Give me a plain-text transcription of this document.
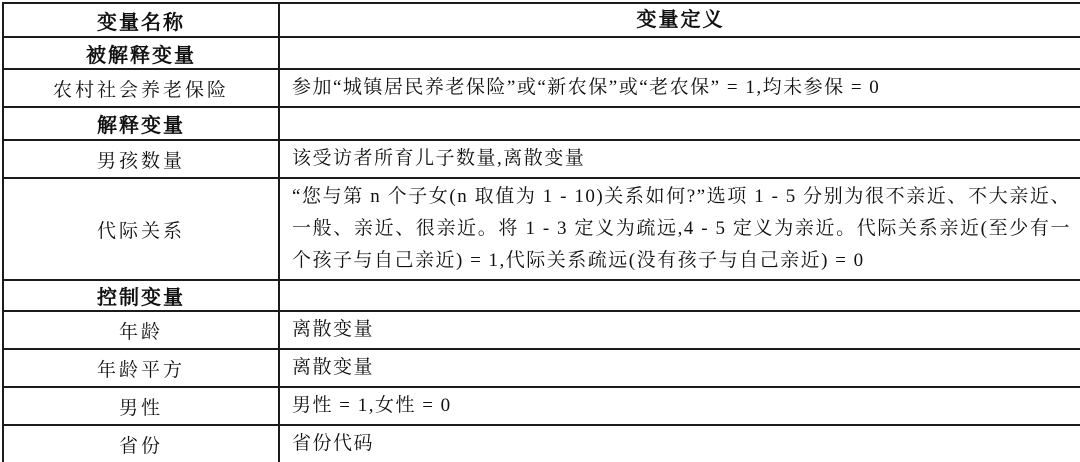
变量名称	变量定义
被解释变量	
农村社会养老保险	参加“城镇居民养老保险”或“新农保”或“老农保” = 1,均未参保 = 0
解释变量	
男孩数量	该受访者所育儿子数量,离散变量
代际关系	“您与第 n 个子女(n 取值为 1 - 10)关系如何?”选项 1 - 5 分别为很不亲近、不大亲近、一般、亲近、很亲近。将 1 - 3 定义为疏远,4 - 5 定义为亲近。代际关系亲近(至少有一个孩子与自己亲近) = 1,代际关系疏远(没有孩子与自己亲近) = 0
控制变量	
年龄	离散变量
年龄平方	离散变量
男性	男性 = 1,女性 = 0
省份	省份代码
